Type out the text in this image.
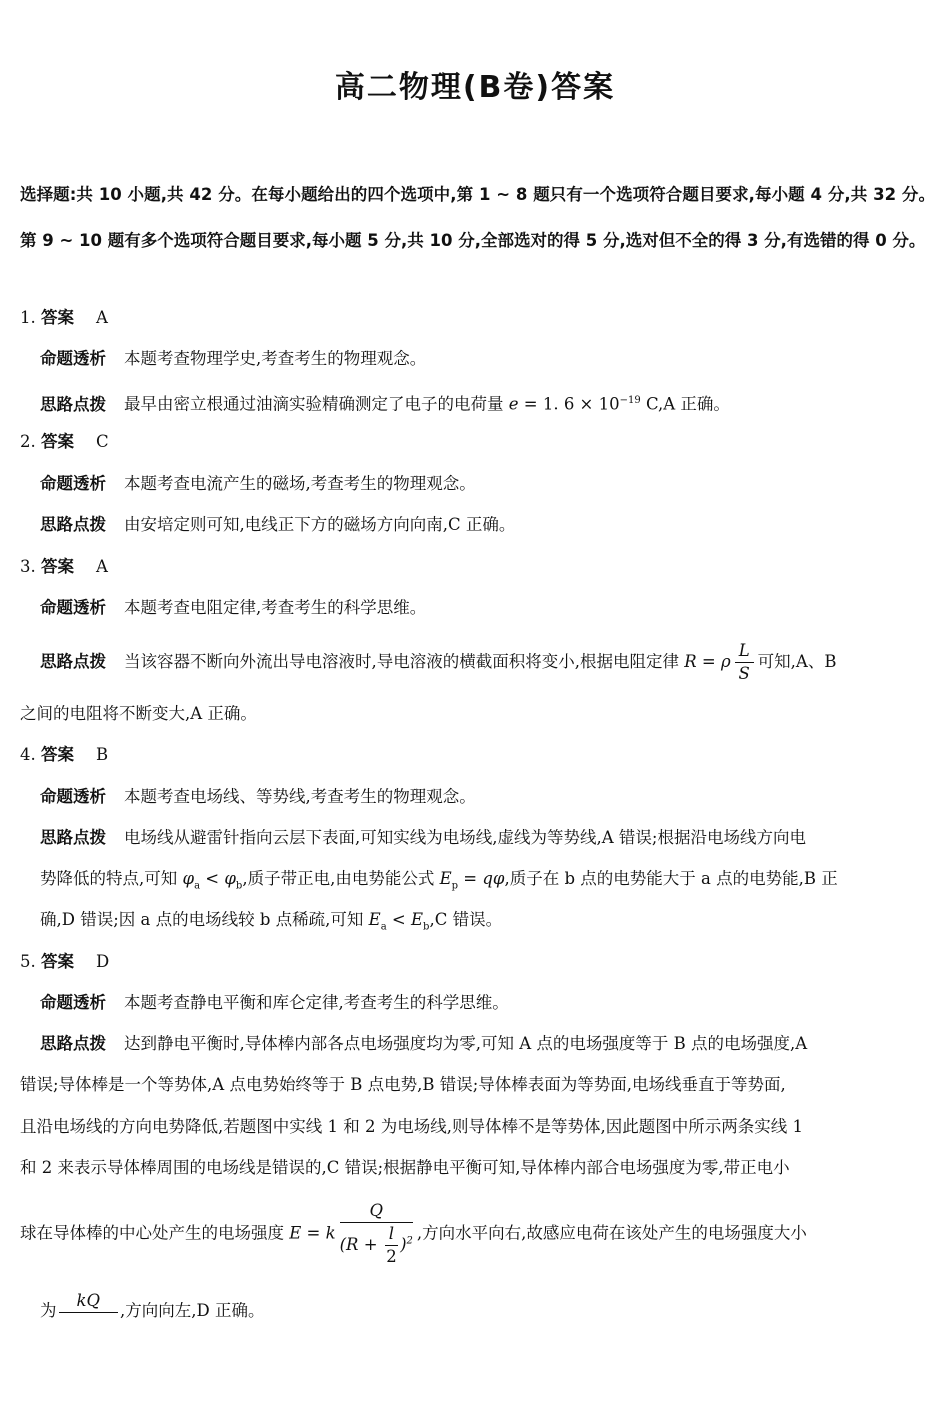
高二物理(B卷)答案
选择题:共 10 小题,共 42 分。在每小题给出的四个选项中,第 1 ~ 8 题只有一个选项符合题目要求,每小题 4 分,共 32 分。第 9 ~ 10 题有多个选项符合题目要求,每小题 5 分,共 10 分,全部选对的得 5 分,选对但不全的得 3 分,有选错的得 0 分。
1. 答案 A
命题透析 本题考查物理学史,考查考生的物理观念。
思路点拨 最早由密立根通过油滴实验精确测定了电子的电荷量 e = 1. $6 \times 10^{-19}$ C,A 正确。
2. 答案 C
命题透析 本题考查电流产生的磁场,考查考生的物理观念。
思路点拨 由安培定则可知,电线正下方的磁场方向向南,C 正确。
3. 答案 A
命题透析 本题考查电阻定律,考查考生的科学思维。
思路点拨 当该容器不断向外流出导电溶液时,导电溶液的横截面积将变小,根据电阻定律 R = ρ $\frac{L}{S}$ 可知,A、B
之间的电阻将不断变大,A 正确。
4. 答案 B
命题透析 本题考查电场线、等势线,考查考生的物理观念。
思路点拨 电场线从避雷针指向云层下表面,可知实线为电场线,虚线为等势线,A 错误;根据沿电场线方向电
势降低的特点,可知 $\varphi_a < \varphi_b$,质子带正电,由电势能公式 $E_p = q\varphi$,质子在 b 点的电势能大于 a 点的电势能,B 正
确,D 错误;因 a 点的电场线较 b 点稀疏,可知 $E_a < E_b,C$ 错误。
5. 答案 D
命题透析 本题考查静电平衡和库仑定律,考查考生的科学思维。
思路点拨 达到静电平衡时,导体棒内部各点电场强度均为零,可知 A 点的电场强度等于 B 点的电场强度,A
错误;导体棒是一个等势体,A 点电势始终等于 B 点电势,B 错误;导体棒表面为等势面,电场线垂直于等势面,
且沿电场线的方向电势降低,若题图中实线 1 和 2 为电场线,则导体棒不是等势体,因此题图中所示两条实线 1
和 2 来表示导体棒周围的电场线是错误的,C 错误;根据静电平衡可知,导体棒内部合电场强度为零,带正电小
球在导体棒的中心处产生的电场强度 E = k $\frac{Q}{(R + \frac{l}{2} )^2}$ ,方向水平向右,故感应电荷在该处产生的电场强度大小
为
kQ
,方向向左,D 正确。
